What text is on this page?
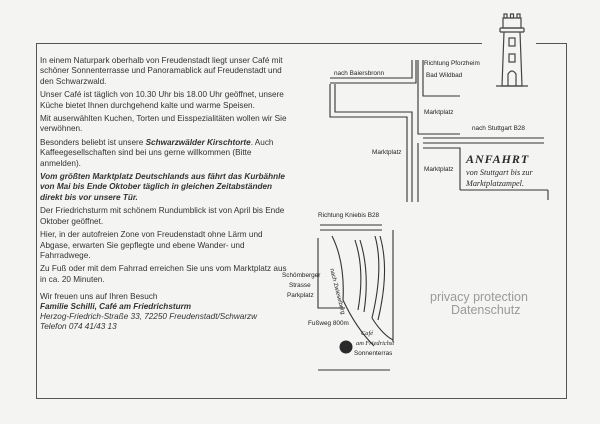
In einem Naturpark oberhalb von Freudenstadt liegt unser Café mit schöner Sonnenterrasse und Panoramablick auf Freudenstadt und den Schwarzwald.

Unser Café ist täglich von 10.30 Uhr bis 18.00 Uhr geöffnet, unsere Küche bietet Ihnen durchgehend kalte und warme Speisen.

Mit auserwählten Kuchen, Torten und Eisspezialitäten wollen wir Sie verwöhnen.

Besonders beliebt ist unsere Schwarzwälder Kirschtorte. Auch Kaffeegesellschaften sind bei uns gerne willkommen (Bitte anmelden).

Vom größten Marktplatz Deutschlands aus fährt das Kurbähnle von Mai bis Ende Oktober täglich in gleichen Zeitabständen direkt bis vor unsere Tür.

Der Friedrichsturm mit schönem Rundumblick ist von April bis Ende Oktober geöffnet.

Hier, in der autofreien Zone von Freudenstadt ohne Lärm und Abgase, erwarten Sie gepflegte und ebene Wander- und Fahrradwege.

Zu Fuß oder mit dem Fahrrad erreichen Sie uns vom Marktplatz aus in ca. 20 Minuten.

Wir freuen uns auf Ihren Besuch
Familie Schilli, Café am Friedrichsturm
Herzog-Friedrich-Straße 33, 72250 Freudenstadt/Schwarzw
Telefon 074 41/43 13

Richtung Pforzheim
Bad Wildbad
nach Baiersbronn
Marktplatz
nach Stuttgart B28
Marktplatz
Marktplatz
ANFAHRT
von Stuttgart bis zur
Marktplatzampel.
Richtung Kniebis B28
Schömberger
Strasse
Parkplatz nach Zwieselberg
Fußweg 800m
Café
am Friedrichst
Sonnenterras
privacy protection
Datenschutz
